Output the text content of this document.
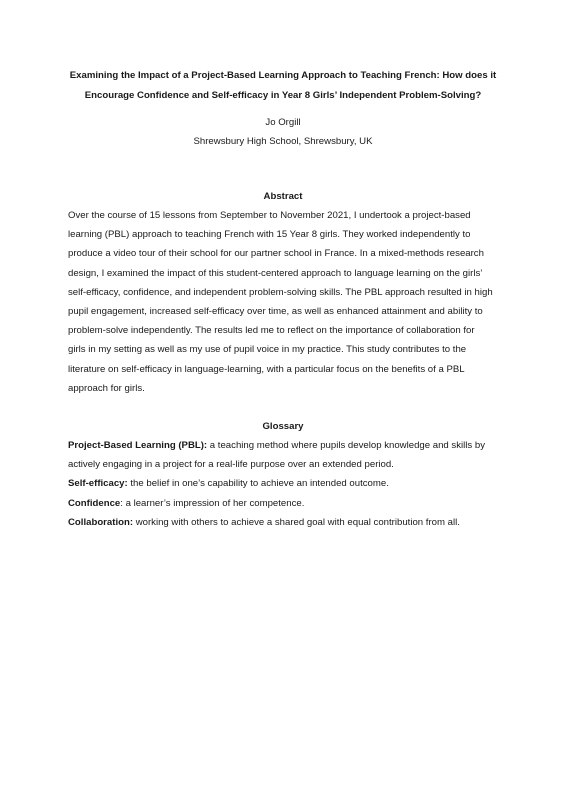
Examining the Impact of a Project-Based Learning Approach to Teaching French: How does it
Encourage Confidence and Self-efficacy in Year 8 Girls’ Independent Problem-Solving?
Jo Orgill
Shrewsbury High School, Shrewsbury, UK
Abstract
Over the course of 15 lessons from September to November 2021, I undertook a project-based
learning (PBL) approach to teaching French with 15 Year 8 girls. They worked independently to
produce a video tour of their school for our partner school in France. In a mixed-methods research
design, I examined the impact of this student-centered approach to language learning on the girls’
self-efficacy, confidence, and independent problem-solving skills. The PBL approach resulted in high
pupil engagement, increased self-efficacy over time, as well as enhanced attainment and ability to
problem-solve independently. The results led me to reflect on the importance of collaboration for
girls in my setting as well as my use of pupil voice in my practice. This study contributes to the
literature on self-efficacy in language-learning, with a particular focus on the benefits of a PBL
approach for girls.
Glossary

Project-Based Learning (PBL): a teaching method where pupils develop knowledge and skills by
actively engaging in a project for a real-life purpose over an extended period.

Self-efficacy: the belief in one’s capability to achieve an intended outcome.

Confidence: a learner’s impression of her competence.

Collaboration: working with others to achieve a shared goal with equal contribution from all.
